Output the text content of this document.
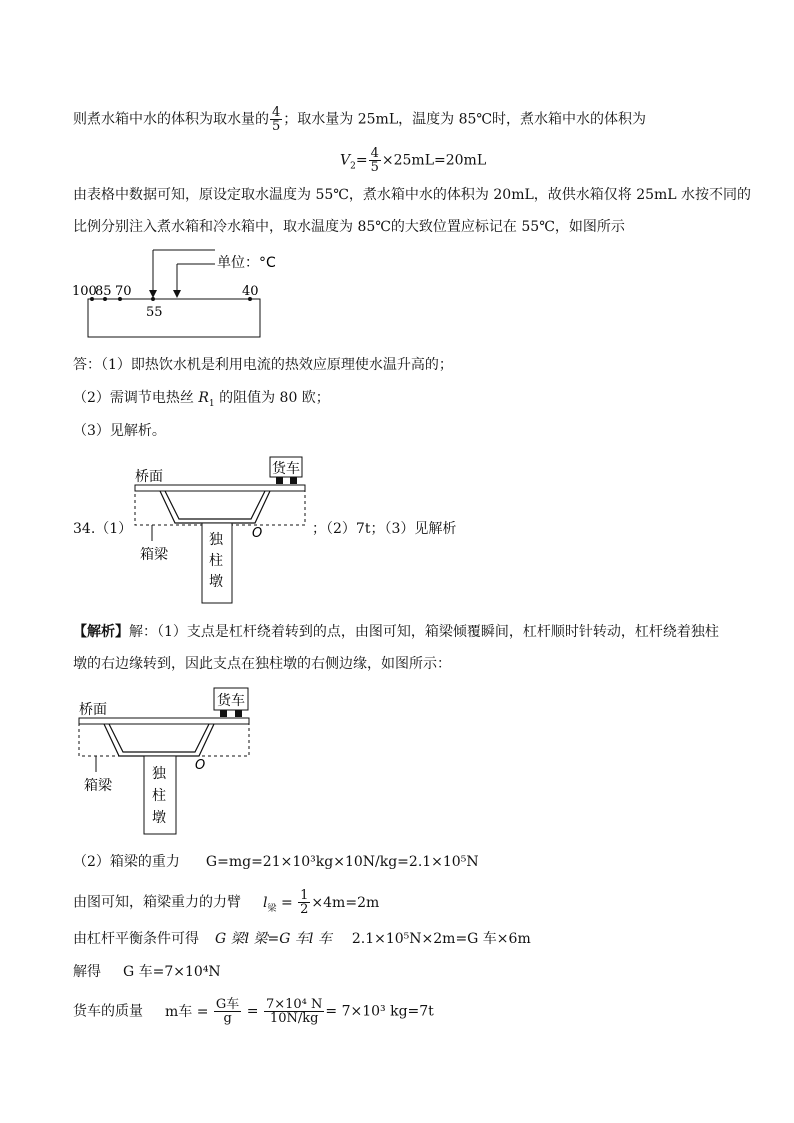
则煮水箱中水的体积为取水量的 $\frac{4}{5}$ ；取水量为 25mL，温度为 85℃时，煮水箱中水的体积为
$V_2= \frac{4}{5} \times 25mL=20mL$
由表格中数据可知，原设定取水温度为 55℃，煮水箱中水的体积为 20mL，故供水箱仅将 25mL 水按不同的
比例分别注入煮水箱和冷水箱中，取水温度为 85℃的大致位置应标记在 55℃，如图所示
单位：°C
100
85 70	40
55
答：（1）即热饮水机是利用电流的热效应原理使水温升高的；
（2）需调节电热丝 $R_1$ 的阻值为 80 欧；
（3）见解析。
34.（1）
桥面	货车
独
柱
墩
O
箱梁
；（2）7t；（3）见解析
【解析】解：（1）支点是杠杆绕着转到的点，由图可知，箱梁倾覆瞬间，杠杆顺时针转动，杠杆绕着独柱
墩的右边缘转到，因此支点在独柱墩的右侧边缘，如图所示：
桥面
货车
独
柱
墩
O
箱梁
（2）箱梁的重力 G=mg=21×10³kg×10N/kg=2.1×10⁵N
由图可知，箱梁重力的力臂 $l_梁 = \frac{1}{2} \times 4m=2m$
由杠杆平衡条件可得 G 梁l 梁=G 车l 车 2.1×10⁵N×2m=G 车×6m
解得 G 车=7×10⁴N
货车的质量 m车 = $\frac{\text{G车}}{g} = \frac{\text{7×10⁴ N}}{10N/kg} = 7\times 10^3$ kg=7t
